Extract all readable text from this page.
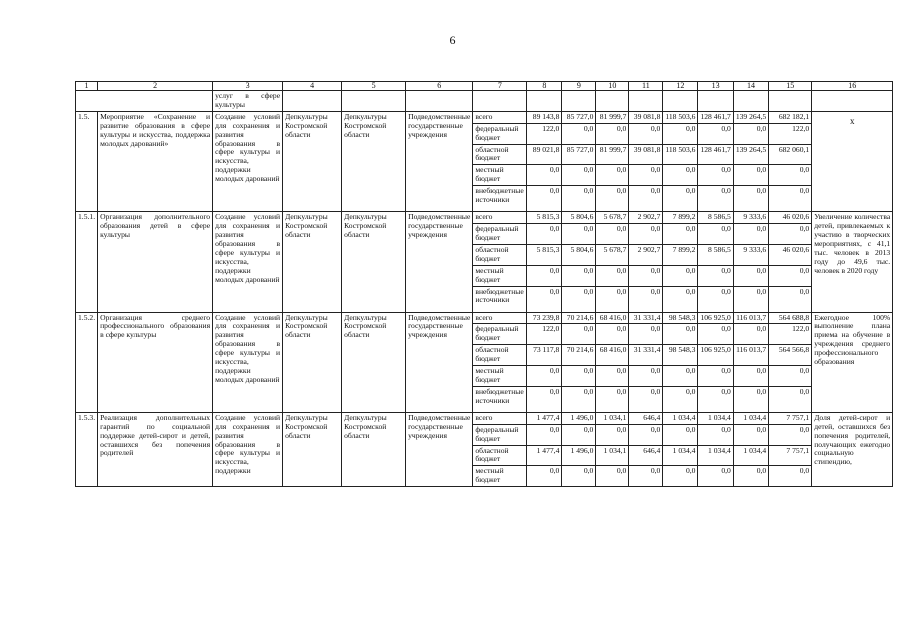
6
1	2	3	4	5	6	7	8	9	10	11	12	13	14	15	16
		услуг в сфере культуры													
1.5.	Мероприятие «Сохранение и развитие образования в сфере культуры и искусства, поддержка молодых дарований»	Создание условий для сохранения и развития образования в сфере культуры и искусства, поддержки молодых дарований	Депкультуры Костромской области	Депкультуры Костромской области	Подведомственные государственные учреждения	всего	89 143,8	85 727,0	81 999,7	39 081,8	118 503,6	128 461,7	139 264,5	682 182,1	x

						федеральный бюджет	122,0	0,0	0,0	0,0	0,0	0,0	0,0	122,0	
						областной бюджет	89 021,8	85 727,0	81 999,7	39 081,8	118 503,6	128 461,7	139 264,5	682 060,1	
						местный бюджет	0,0	0,0	0,0	0,0	0,0	0,0	0,0	0,0	
						внебюджетные источники	0,0	0,0	0,0	0,0	0,0	0,0	0,0	0,0	
1.5.1.	Организация дополнительного образования детей в сфере культуры	Создание условий для сохранения и развития образования в сфере культуры и искусства, поддержки молодых дарований	Депкультуры Костромской области	Депкультуры Костромской области	Подведомственные государственные учреждения	всего	5 815,3	5 804,6	5 678,7	2 902,7	7 899,2	8 586,5	9 333,6	46 020,6	Увеличение количества детей, привлекаемых к участию в творческих мероприятиях, с 41,1 тыс. человек в 2013 году до 49,6 тыс. человек в 2020 году
						федеральный бюджет	0,0	0,0	0,0	0,0	0,0	0,0	0,0	0,0	
						областной бюджет	5 815,3	5 804,6	5 678,7	2 902,7	7 899,2	8 586,5	9 333,6	46 020,6	
						местный бюджет	0,0	0,0	0,0	0,0	0,0	0,0	0,0	0,0	
						внебюджетные источники	0,0	0,0	0,0	0,0	0,0	0,0	0,0	0,0	
1.5.2.	Организация среднего профессионального образования в сфере культуры	Создание условий для сохранения и развития образования в сфере культуры и искусства, поддержки молодых дарований	Депкультуры Костромской области	Депкультуры Костромской области	Подведомственные государственные учреждения	всего	73 239,8	70 214,6	68 416,0	31 331,4	98 548,3	106 925,0	116 013,7	564 688,8	Ежегодное 100% выполнение плана приема на обучение в учреждения среднего профессионального образования
						федеральный бюджет	122,0	0,0	0,0	0,0	0,0	0,0	0,0	122,0	
						областной бюджет	73 117,8	70 214,6	68 416,0	31 331,4	98 548,3	106 925,0	116 013,7	564 566,8	
						местный бюджет	0,0	0,0	0,0	0,0	0,0	0,0	0,0	0,0	
						внебюджетные источники	0,0	0,0	0,0	0,0	0,0	0,0	0,0	0,0	
1.5.3.	Реализация дополнительных гарантий по социальной поддержке детей-сирот и детей, оставшихся без попечения родителей	Создание условий для сохранения и развития образования в сфере культуры и искусства, поддержки	Депкультуры Костромской области	Депкультуры Костромской области	Подведомственные государственные учреждения	всего	1 477,4	1 496,0	1 034,1	646,4	1 034,4	1 034,4	1 034,4	7 757,1	Доля детей-сирот и детей, оставшихся без попечения родителей, получающих ежегодно социальную стипендию,
						федеральный бюджет	0,0	0,0	0,0	0,0	0,0	0,0	0,0	0,0	
						областной бюджет	1 477,4	1 496,0	1 034,1	646,4	1 034,4	1 034,4	1 034,4	7 757,1	
						местный бюджет	0,0	0,0	0,0	0,0	0,0	0,0	0,0	0,0	
